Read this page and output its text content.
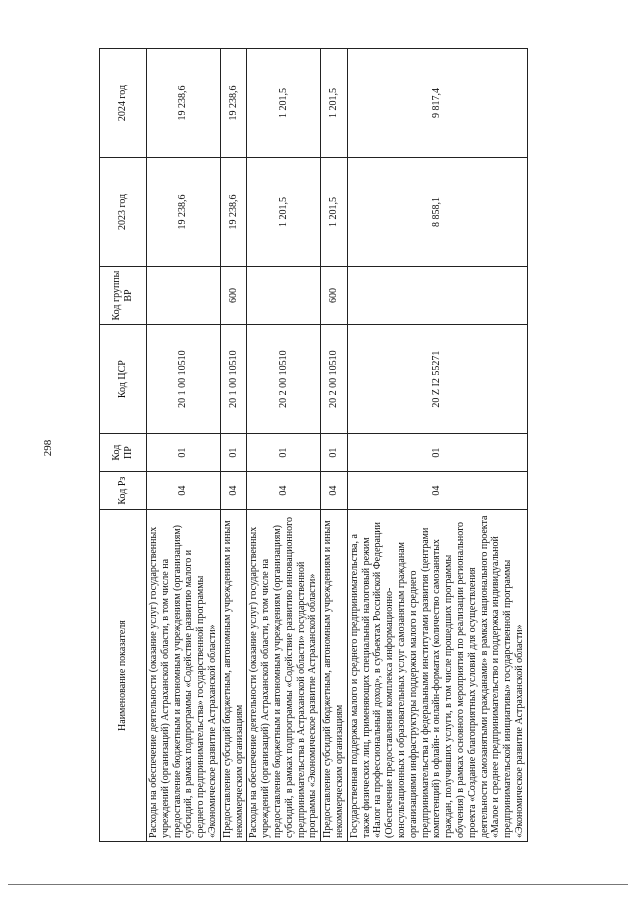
298
Наименование показателя	Код Рз	Код ПР	Код ЦСР	Код группы ВР	2023 год	2024 год
Расходы на обеспечение деятельности (оказание услуг) государственных учреждений (организаций) Астраханской области, в том числе на предоставление бюджетным и автономным учреждениям (организациям) субсидий, в рамках подпрограммы «Содействие развитию малого и среднего предпринимательства» государственной программы «Экономическое развитие Астраханской области»	04	01	20 1 00 10510		19 238,6	19 238,6
Предоставление субсидий бюджетным, автономным учреждениям и иным некоммерческим организациям	04	01	20 1 00 10510	600	19 238,6	19 238,6
Расходы на обеспечение деятельности (оказание услуг) государственных учреждений (организаций) Астраханской области, в том числе на предоставление бюджетным и автономным учреждениям (организациям) субсидий, в рамках подпрограммы «Содействие развитию инновационного предпринимательства в Астраханской области» государственной программы «Экономическое развитие Астраханской области»	04	01	20 2 00 10510		1 201,5	1 201,5
Предоставление субсидий бюджетным, автономным учреждениям и иным некоммерческим организациям	04	01	20 2 00 10510	600	1 201,5	1 201,5
Государственная поддержка малого и среднего предпринимательства, а также физических лиц, применяющих специальный налоговый режим «Налог на профессиональный доход», в субъектах Российской Федерации (Обеспечение предоставления комплекса информационно-консультационных и образовательных услуг самозанятым гражданам организациями инфраструктуры поддержки малого и среднего предпринимательства и федеральными институтами развития (центрами компетенций) в офлайн- и онлайн-форматах (количество самозанятых граждан, получивших услуги, в том числе прошедших программы обучения) в рамках основного мероприятия по реализации регионального проекта «Создание благоприятных условий для осуществления деятельности самозанятыми гражданами» в рамках национального проекта «Малое и среднее предпринимательство и поддержка индивидуальной предпринимательской инициативы» государственной программы «Экономическое развитие Астраханской области»	04	01	20 Z I2 55271		8 858,1	9 817,4
